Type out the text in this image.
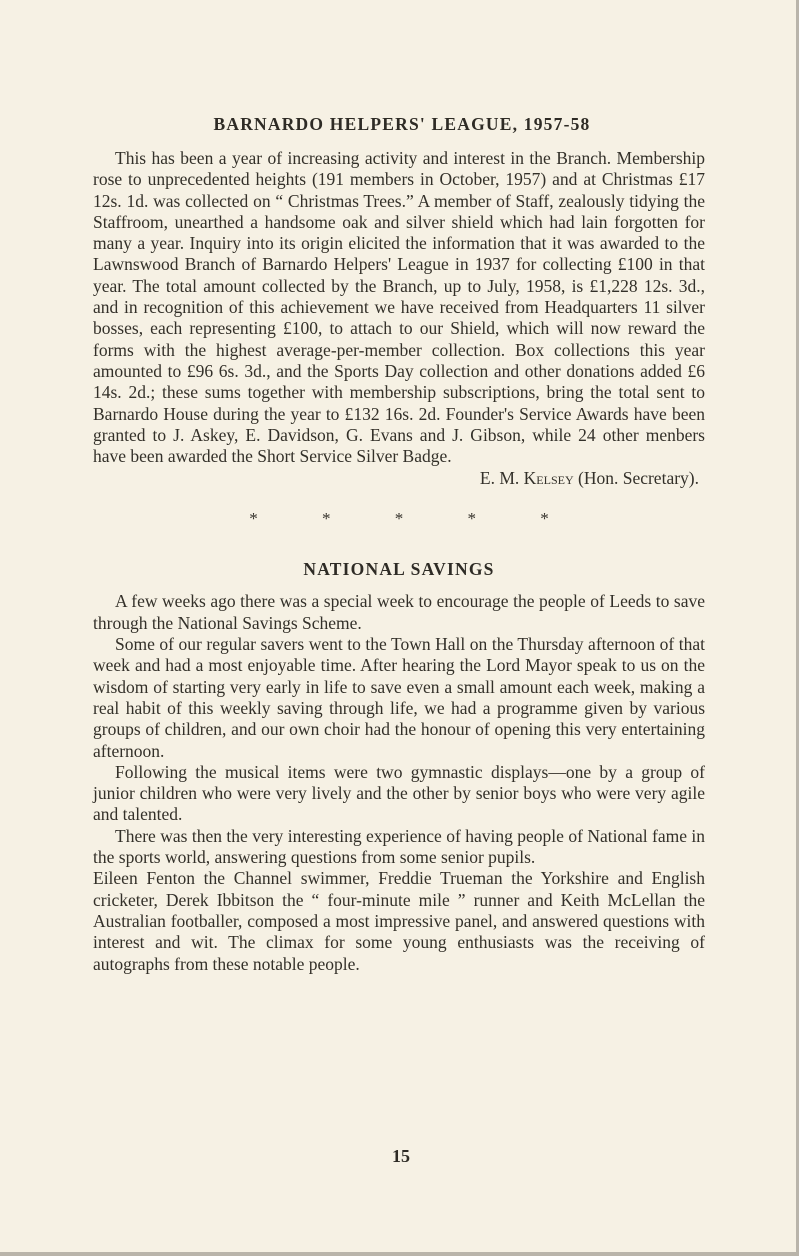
BARNARDO HELPERS' LEAGUE, 1957-58

This has been a year of increasing activity and interest in the Branch. Membership rose to unprecedented heights (191 members in October, 1957) and at Christmas £17 12s. 1d. was collected on “ Christmas Trees.” A member of Staff, zealously tidying the Staffroom, unearthed a handsome oak and silver shield which had lain forgotten for many a year. Inquiry into its origin elicited the information that it was awarded to the Lawnswood Branch of Barnardo Helpers' League in 1937 for collecting £100 in that year. The total amount collected by the Branch, up to July, 1958, is £1,228 12s. 3d., and in recognition of this achievement we have received from Headquarters 11 silver bosses, each representing £100, to attach to our Shield, which will now reward the forms with the highest average-per-member collection. Box collections this year amounted to £96 6s. 3d., and the Sports Day collection and other donations added £6 14s. 2d.; these sums together with membership subscriptions, bring the total sent to Barnardo House during the year to £132 16s. 2d. Founder's Service Awards have been granted to J. Askey, E. Davidson, G. Evans and J. Gibson, while 24 other menbers have been awarded the Short Service Silver Badge.

E. M. Kelsey (Hon. Secretary).

* * * * *

NATIONAL SAVINGS

A few weeks ago there was a special week to encourage the people of Leeds to save through the National Savings Scheme.

Some of our regular savers went to the Town Hall on the Thursday afternoon of that week and had a most enjoyable time. After hearing the Lord Mayor speak to us on the wisdom of starting very early in life to save even a small amount each week, making a real habit of this weekly saving through life, we had a programme given by various groups of children, and our own choir had the honour of opening this very entertaining afternoon.

Following the musical items were two gymnastic displays—one by a group of junior children who were very lively and the other by senior boys who were very agile and talented.

There was then the very interesting experience of having people of National fame in the sports world, answering questions from some senior pupils.

Eileen Fenton the Channel swimmer, Freddie Trueman the Yorkshire and English cricketer, Derek Ibbitson the “ four-minute mile ” runner and Keith McLellan the Australian footballer, composed a most impressive panel, and answered questions with interest and wit. The climax for some young enthusiasts was the receiving of autographs from these notable people.

15
